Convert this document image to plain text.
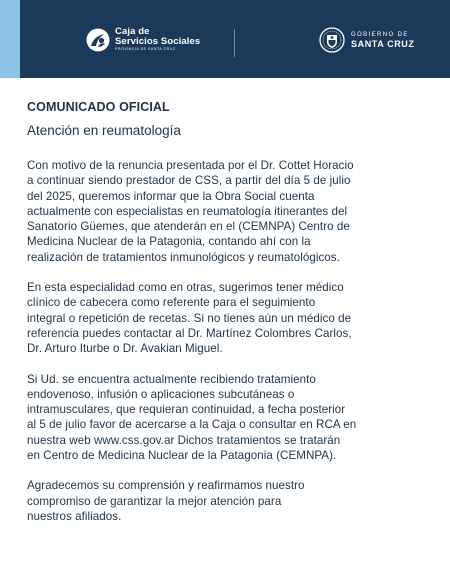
Caja de
Servicios Sociales
PROVINCIA DE SANTA CRUZ
GOBIERNO DE
SANTA CRUZ
COMUNICADO OFICIAL
Atención en reumatología

Con motivo de la renuncia presentada por el Dr. Cottet Horacio
a continuar siendo prestador de CSS, a partir del día 5 de julio
del 2025, queremos informar que la Obra Social cuenta
actualmente con especialistas en reumatología itinerantes del
Sanatorio Güemes, que atenderán en el (CEMNPA) Centro de
Medicina Nuclear de la Patagonia, contando ahí con la
realización de tratamientos inmunológicos y reumatológicos.

En esta especialidad como en otras, sugerimos tener médico
clínico de cabecera como referente para el seguimiento
integral o repetición de recetas. Si no tienes aún un médico de
referencia puedes contactar al Dr. Martínez Colombres Carlos,
Dr. Arturo Iturbe o Dr. Avakian Miguel.

Si Ud. se encuentra actualmente recibiendo tratamiento
endovenoso, infusión o aplicaciones subcutáneas o
intramusculares, que requieran continuidad, a fecha posterior
al 5 de julio favor de acercarse a la Caja o consultar en RCA en
nuestra web www.css.gov.ar Dichos tratamientos se tratarán
en Centro de Medicina Nuclear de la Patagonia (CEMNPA).

Agradecemos su comprensión y reafirmamos nuestro
compromiso de garantizar la mejor atención para
nuestros afiliados.
